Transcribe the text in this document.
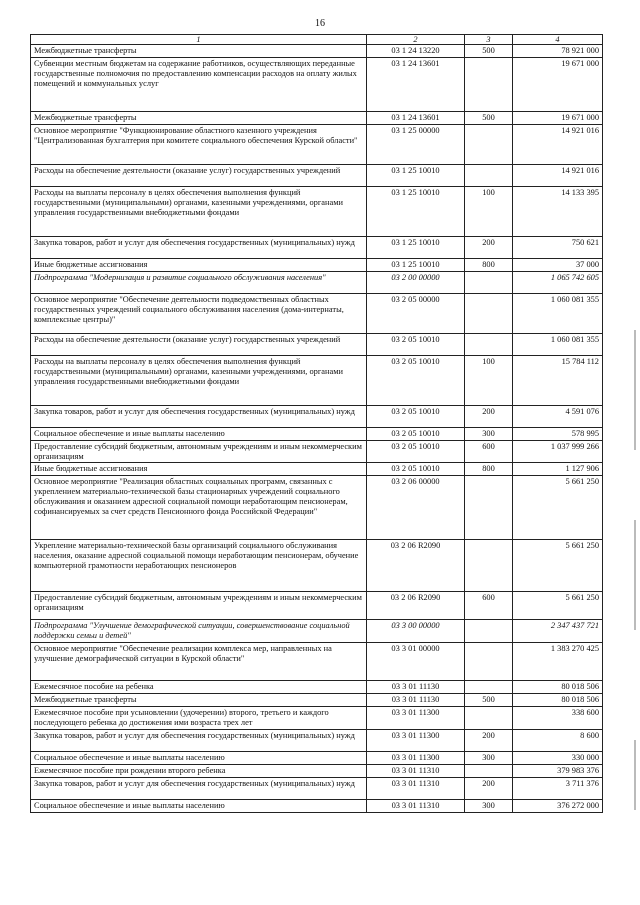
16
1	2	3	4
Межбюджетные трансферты	03 1 24 13220	500	78 921 000
Субвенции местным бюджетам на содержание работников, осуществляющих переданные государственные полномочия по предоставлению компенсации расходов на оплату жилых помещений и коммунальных услуг	03 1 24 13601		19 671 000
Межбюджетные трансферты	03 1 24 13601	500	19 671 000
Основное мероприятие "Функционирование областного казенного учреждения "Централизованная бухгалтерия при комитете социального обеспечения Курской области"	03 1 25 00000		14 921 016
Расходы на обеспечение деятельности (оказание услуг) государственных учреждений	03 1 25 10010		14 921 016
Расходы на выплаты персоналу в целях обеспечения выполнения функций государственными (муниципальными) органами, казенными учреждениями, органами управления государственными внебюджетными фондами	03 1 25 10010	100	14 133 395
Закупка товаров, работ и услуг для обеспечения государственных (муниципальных) нужд	03 1 25 10010	200	750 621
Иные бюджетные ассигнования	03 1 25 10010	800	37 000
Подпрограмма "Модернизация и развитие социального обслуживания населения"	03 2 00 00000		1 065 742 605
Основное мероприятие "Обеспечение деятельности подведомственных областных государственных учреждений социального обслуживания населения (дома-интернаты, комплексные центры)"	03 2 05 00000		1 060 081 355
Расходы на обеспечение деятельности (оказание услуг) государственных учреждений	03 2 05 10010		1 060 081 355
Расходы на выплаты персоналу в целях обеспечения выполнения функций государственными (муниципальными) органами, казенными учреждениями, органами управления государственными внебюджетными фондами	03 2 05 10010	100	15 784 112
Закупка товаров, работ и услуг для обеспечения государственных (муниципальных) нужд	03 2 05 10010	200	4 591 076
Социальное обеспечение и иные выплаты населению	03 2 05 10010	300	578 995
Предоставление субсидий бюджетным, автономным учреждениям и иным некоммерческим организациям	03 2 05 10010	600	1 037 999 266
Иные бюджетные ассигнования	03 2 05 10010	800	1 127 906
Основное мероприятие "Реализация областных социальных программ, связанных с укреплением материально-технической базы стационарных учреждений социального обслуживания и оказанием адресной социальной помощи неработающим пенсионерам, софинансируемых за счет средств Пенсионного фонда Российской Федерации"	03 2 06 00000		5 661 250
Укрепление материально-технической базы организаций социального обслуживания населения, оказание адресной социальной помощи неработающим пенсионерам, обучение компьютерной грамотности неработающих пенсионеров	03 2 06 R2090		5 661 250
Предоставление субсидий бюджетным, автономным учреждениям и иным некоммерческим организациям	03 2 06 R2090	600	5 661 250
Подпрограмма "Улучшение демографической ситуации, совершенствование социальной поддержки семьи и детей"	03 3 00 00000		2 347 437 721
Основное мероприятие "Обеспечение реализации комплекса мер, направленных на улучшение демографической ситуации в Курской области"	03 3 01 00000		1 383 270 425
Ежемесячное пособие на ребенка	03 3 01 11130		80 018 506
Межбюджетные трансферты	03 3 01 11130	500	80 018 506
Ежемесячное пособие при усыновлении (удочерении) второго, третьего и каждого последующего ребенка до достижения ими возраста трех лет	03 3 01 11300		338 600
Закупка товаров, работ и услуг для обеспечения государственных (муниципальных) нужд	03 3 01 11300	200	8 600
Социальное обеспечение и иные выплаты населению	03 3 01 11300	300	330 000
Ежемесячное пособие при рождении второго ребенка	03 3 01 11310		379 983 376
Закупка товаров, работ и услуг для обеспечения государственных (муниципальных) нужд	03 3 01 11310	200	3 711 376
Социальное обеспечение и иные выплаты населению	03 3 01 11310	300	376 272 000
